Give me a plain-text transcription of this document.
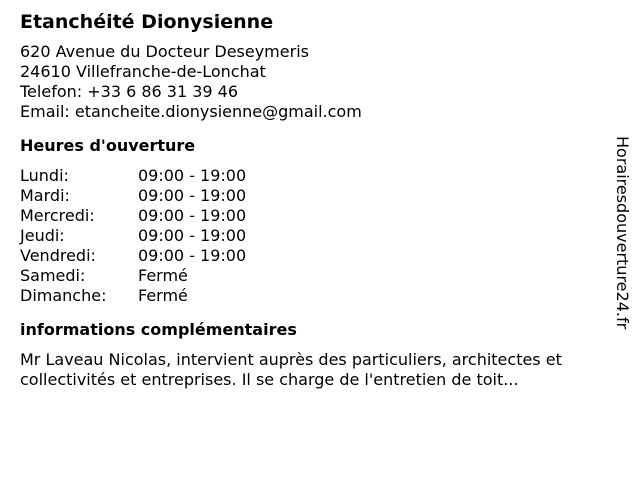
Etanchéité Dionysienne
620 Avenue du Docteur Deseymeris
24610 Villefranche-de-Lonchat
Telefon: +33 6 86 31 39 46
Email: etancheite.dionysienne@gmail.com
Heures d'ouverture
Lundi:	09:00 - 19:00
Mardi:	09:00 - 19:00
Mercredi:	09:00 - 19:00
Jeudi:	09:00 - 19:00
Vendredi:	09:00 - 19:00
Samedi:	Fermé
Dimanche:	Fermé
informations complémentaires
Mr Laveau Nicolas, intervient auprès des particuliers, architectes et collectivités et entreprises. Il se charge de l'entretien de toit...
Horairesdouverture24.fr
